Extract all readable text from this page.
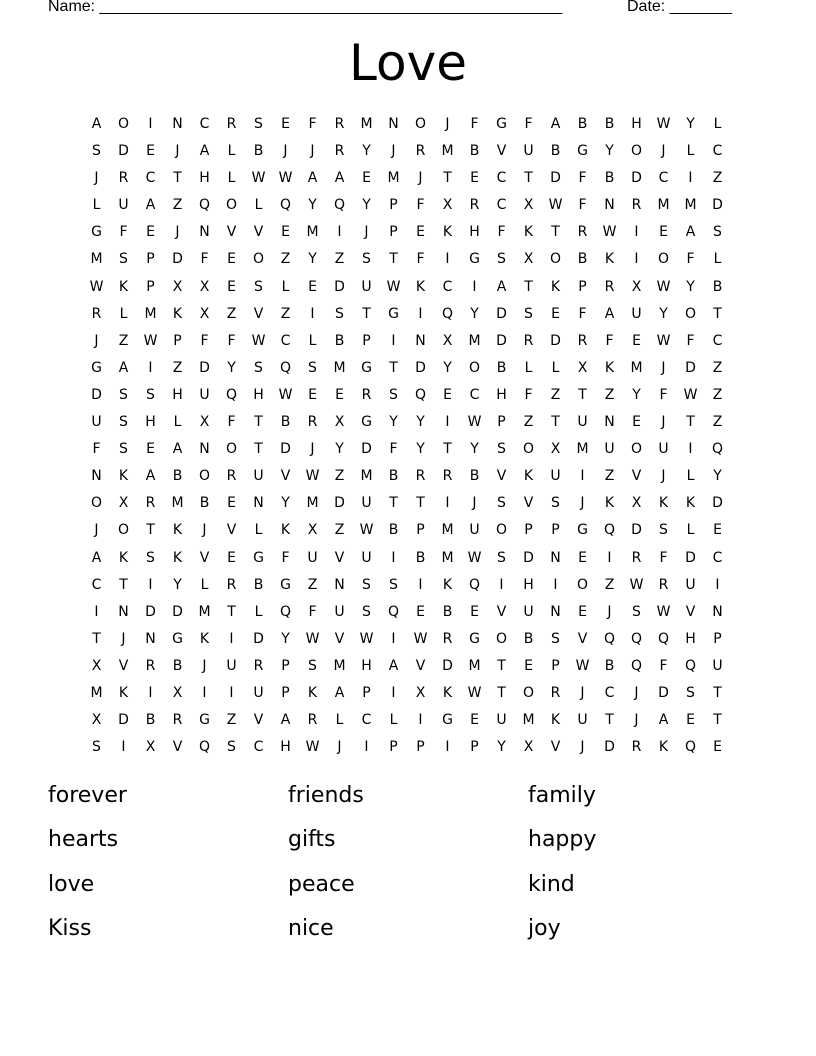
Name: ____________________________________________________	Date: _______
Love
A	O	I	N	C	R	S	E	F	R	M	N	O	J	F	G	F	A	B	B	H	W	Y	L
S	D	E	J	A	L	B	J	J	R	Y	J	R	M	B	V	U	B	G	Y	O	J	L	C
J	R	C	T	H	L	W W	A	A	E	M	J	T	E	C	T	D	F	B	D	C	I	Z
L	U	A	Z	Q	O	L	Q	Y	Q	Y	P	F	X	R	C	X	W	F	N	R	M	M	D
G	F	E	J	N	V	V	E	M	I	J	P	E	K	H	F	K	T	R	W	I	E	A	S
M	S	P	D	F	E	O	Z	Y	Z	S	T	F	I	G	S	X	O	B	K	I	O	F	L
W	K	P	X	X	E	S	L	E	D	U	W	K	C	I	A	T	K	P	R	X	W	Y	B
R	L	M	K	X	Z	V	Z	I	S	T	G	I	Q	Y	D	S	E	F	A	U	Y	O	T
J	Z	W	P	F	F	W	C	L	B	P	I	N	X	M	D	R	D	R	F	E	W	F	C
G	A	I	Z	D	Y	S	Q	S	M	G	T	D	Y	O	B	L	L	X	K	M	J	D	Z
D	S	S	H	U	Q	H	W	E	E	R	S	Q	E	C	H	F	Z	T	Z	Y	F	W	Z
U	S	H	L	X	F	T	B	R	X	G	Y	Y	I	W	P	Z	T	U	N	E	J	T	Z
F	S	E	A	N	O	T	D	J	Y	D	F	Y	T	Y	S	O	X	M	U	O	U	I	Q
N	K	A	B	O	R	U	V	W	Z	M	B	R	R	B	V	K	U	I	Z	V	J	L	Y
O	X	R	M	B	E	N	Y	M	D	U	T	T	I	J	S	V	S	J	K	X	K	K	D
J	O	T	K	J	V	L	K	X	Z	W	B	P	M	U	O	P	P	G	Q	D	S	L	E
A	K	S	K	V	E	G	F	U	V	U	I	B	M	W	S	D	N	E	I	R	F	D	C
C	T	I	Y	L	R	B	G	Z	N	S	S	I	K	Q	I	H	I	O	Z	W	R	U	I
I	N	D	D	M	T	L	Q	F	U	S	Q	E	B	E	V	U	N	E	J	S	W	V	N
T	J	N	G	K	I	D	Y	W	V	W	I	W	R	G	O	B	S	V	Q	Q	Q	H	P
X	V	R	B	J	U	R	P	S	M	H	A	V	D	M	T	E	P	W	B	Q	F	Q	U
M	K	I	X	I	I	U	P	K	A	P	I	X	K	W	T	O	R	J	C	J	D	S	T
X	D	B	R	G	Z	V	A	R	L	C	L	I	G	E	U	M	K	U	T	J	A	E	T
S	I	X	V	Q	S	C	H	W	J	I	P	P	I	P	Y	X	V	J	D	R	K	Q	E
forever	friends	family
hearts	gifts	happy
love	peace	kind
Kiss	nice	joy
